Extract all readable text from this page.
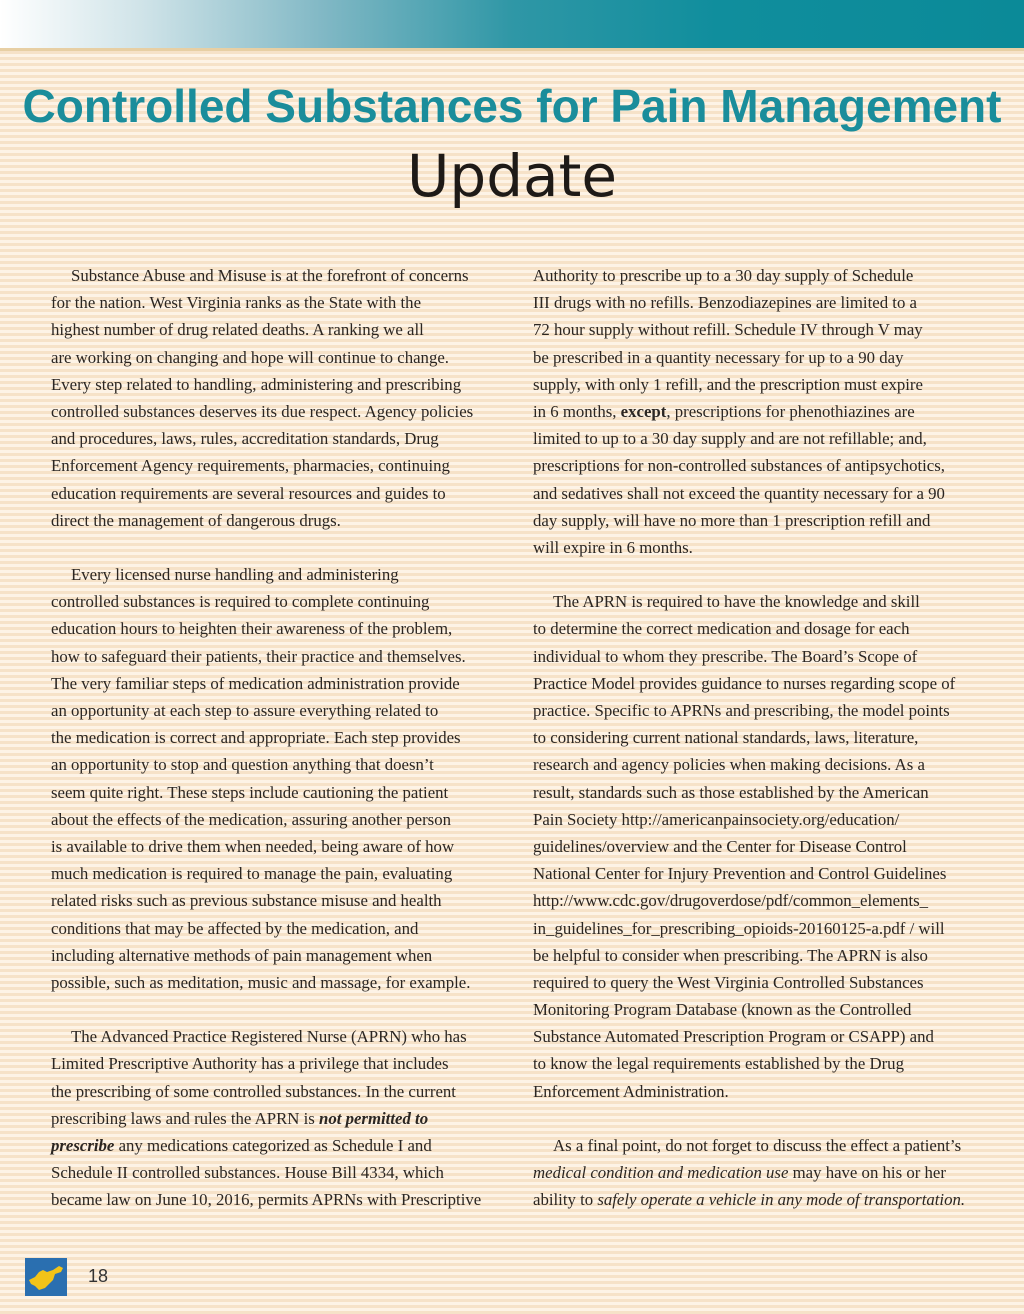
Controlled Substances for Pain Management
Update
Substance Abuse and Misuse is at the forefront of concerns
for the nation. West Virginia ranks as the State with the
highest number of drug related deaths. A ranking we all
are working on changing and hope will continue to change.
Every step related to handling, administering and prescribing
controlled substances deserves its due respect. Agency policies
and procedures, laws, rules, accreditation standards, Drug
Enforcement Agency requirements, pharmacies, continuing
education requirements are several resources and guides to
direct the management of dangerous drugs.
Every licensed nurse handling and administering
controlled substances is required to complete continuing
education hours to heighten their awareness of the problem,
how to safeguard their patients, their practice and themselves.
The very familiar steps of medication administration provide
an opportunity at each step to assure everything related to
the medication is correct and appropriate. Each step provides
an opportunity to stop and question anything that doesn’t
seem quite right. These steps include cautioning the patient
about the effects of the medication, assuring another person
is available to drive them when needed, being aware of how
much medication is required to manage the pain, evaluating
related risks such as previous substance misuse and health
conditions that may be affected by the medication, and
including alternative methods of pain management when
possible, such as meditation, music and massage, for example.
The Advanced Practice Registered Nurse (APRN) who has
Limited Prescriptive Authority has a privilege that includes
the prescribing of some controlled substances. In the current
prescribing laws and rules the APRN is not permitted to
prescribe any medications categorized as Schedule I and
Schedule II controlled substances. House Bill 4334, which
became law on June 10, 2016, permits APRNs with Prescriptive
Authority to prescribe up to a 30 day supply of Schedule
III drugs with no refills. Benzodiazepines are limited to a
72 hour supply without refill. Schedule IV through V may
be prescribed in a quantity necessary for up to a 90 day
supply, with only 1 refill, and the prescription must expire
in 6 months, except, prescriptions for phenothiazines are
limited to up to a 30 day supply and are not refillable; and,
prescriptions for non-controlled substances of antipsychotics,
and sedatives shall not exceed the quantity necessary for a 90
day supply, will have no more than 1 prescription refill and
will expire in 6 months.
The APRN is required to have the knowledge and skill
to determine the correct medication and dosage for each
individual to whom they prescribe. The Board’s Scope of
Practice Model provides guidance to nurses regarding scope of
practice. Specific to APRNs and prescribing, the model points
to considering current national standards, laws, literature,
research and agency policies when making decisions. As a
result, standards such as those established by the American
Pain Society http://americanpainsociety.org/education/
guidelines/overview and the Center for Disease Control
National Center for Injury Prevention and Control Guidelines
http://www.cdc.gov/drugoverdose/pdf/common_elements_
in_guidelines_for_prescribing_opioids-20160125-a.pdf / will
be helpful to consider when prescribing. The APRN is also
required to query the West Virginia Controlled Substances
Monitoring Program Database (known as the Controlled
Substance Automated Prescription Program or CSAPP) and
to know the legal requirements established by the Drug
Enforcement Administration.
As a final point, do not forget to discuss the effect a patient’s
medical condition and medication use may have on his or her
ability to safely operate a vehicle in any mode of transportation.
18
